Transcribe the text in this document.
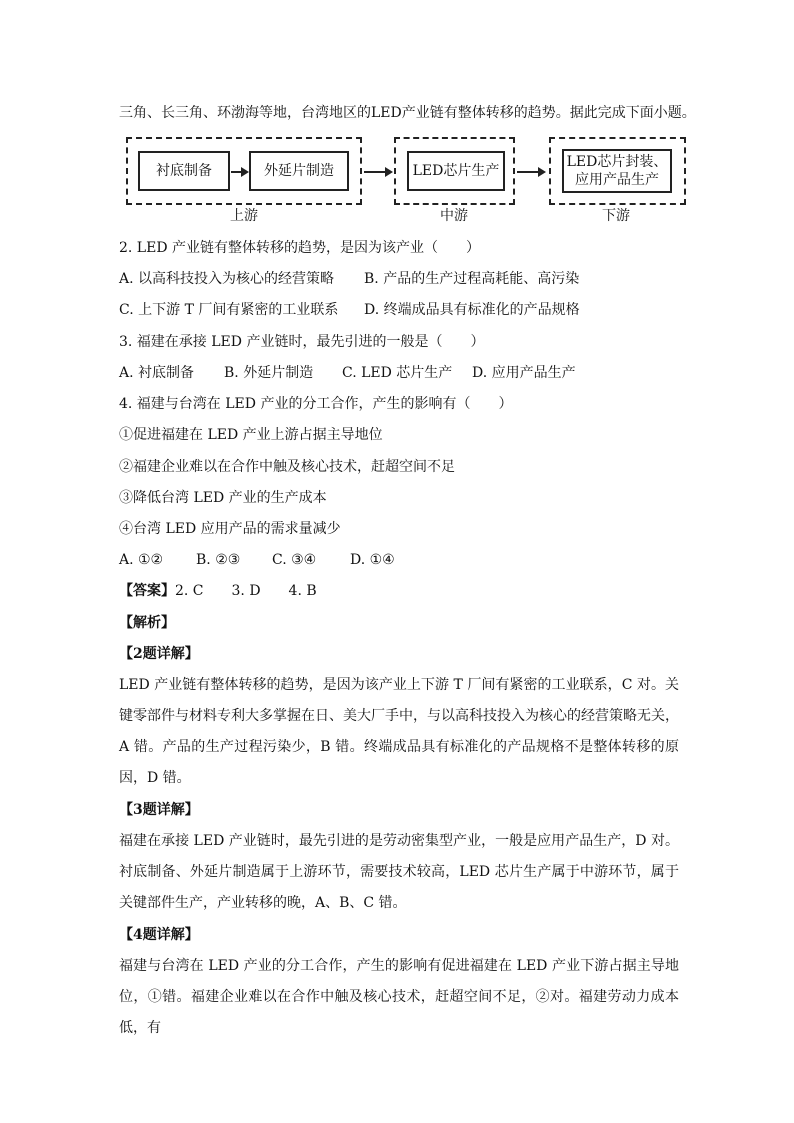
三角、长三角、环渤海等地，台湾地区的LED产业链有整体转移的趋势。据此完成下面小题。
衬底制备	外延片制造
上游
LED芯片生产
中游
LED芯片封装、
应用产品生产
下游
2. LED 产业链有整体转移的趋势，是因为该产业（　　）
A. 以高科技投入为核心的经营策略 B. 产品的生产过程高耗能、高污染
C. 上下游 T 厂间有紧密的工业联系 D. 终端成品具有标准化的产品规格
3. 福建在承接 LED 产业链时，最先引进的一般是（　　）
A. 衬底制备 B. 外延片制造 C. LED 芯片生产 D. 应用产品生产
4. 福建与台湾在 LED 产业的分工合作，产生的影响有（　　）
①促进福建在 LED 产业上游占据主导地位
②福建企业难以在合作中触及核心技术，赶超空间不足
③降低台湾 LED 产业的生产成本
④台湾 LED 应用产品的需求量减少
A. ①② B. ②③ C. ③④ D. ①④
【答案】2. C　　3. D　　4. B
【解析】
【2题详解】
LED 产业链有整体转移的趋势，是因为该产业上下游 T 厂间有紧密的工业联系，C 对。关键零部件与材料专利大多掌握在日、美大厂手中，与以高科技投入为核心的经营策略无关，A 错。产品的生产过程污染少，B 错。终端成品具有标准化的产品规格不是整体转移的原因，D 错。
【3题详解】
福建在承接 LED 产业链时，最先引进的是劳动密集型产业，一般是应用产品生产，D 对。衬底制备、外延片制造属于上游环节，需要技术较高，LED 芯片生产属于中游环节，属于关键部件生产，产业转移的晚，A、B、C 错。
【4题详解】
福建与台湾在 LED 产业的分工合作，产生的影响有促进福建在 LED 产业下游占据主导地位，①错。福建企业难以在合作中触及核心技术，赶超空间不足，②对。福建劳动力成本低，有
